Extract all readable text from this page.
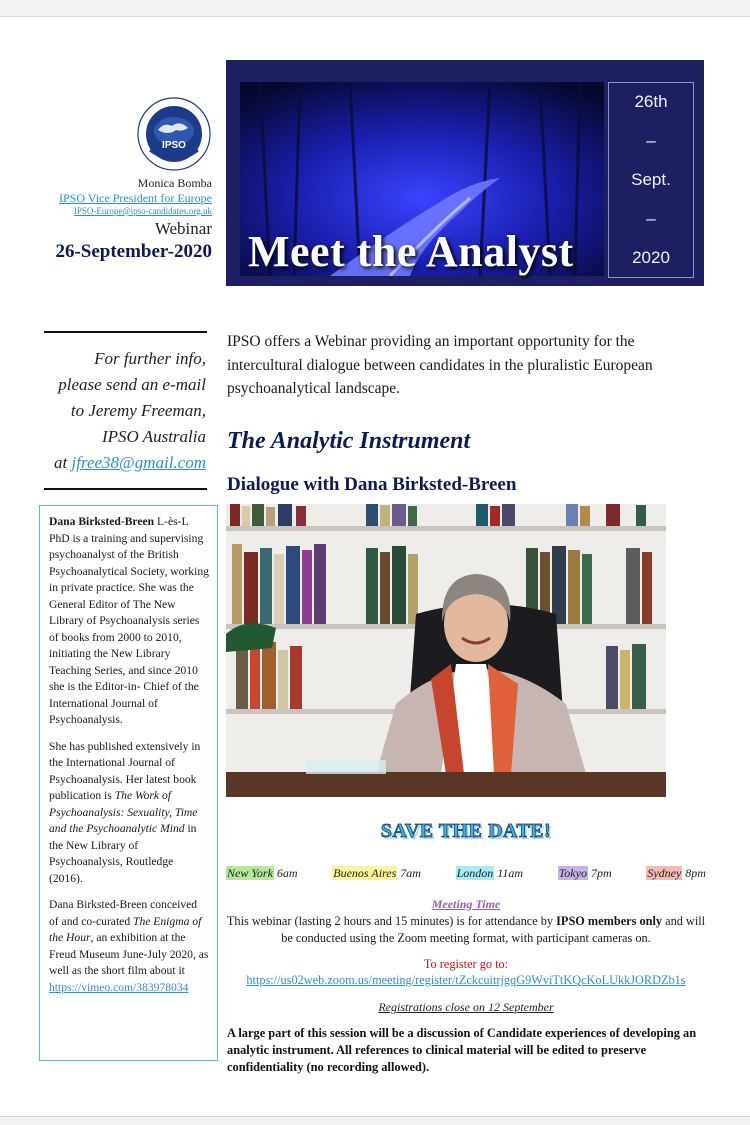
IPSO
Monica Bomba
IPSO Vice President for Europe
IPSO-Europe@ipso-candidates.org.uk
Webinar
26-September-2020 Meet the Analyst
26th
–
Sept.
–
2020
For further info,
please send an e-mail
to Jeremy Freeman,
IPSO Australia
at jfree38@gmail.com

Dana Birksted-Breen L-ès-L PhD is a training and supervising psychoanalyst of the British Psychoanalytical Society, working in private practice. She was the General Editor of The New Library of Psychoanalysis series of books from 2000 to 2010, initiating the New Library Teaching Series, and since 2010 she is the Editor-in- Chief of the International Journal of Psychoanalysis.

She has published extensively in the International Journal of Psychoanalysis. Her latest book publication is The Work of Psychoanalysis: Sexuality, Time and the Psychoanalytic Mind in the New Library of Psychoanalysis, Routledge (2016).

Dana Birksted-Breen conceived of and co-curated The Enigma of the Hour, an exhibition at the Freud Museum June-July 2020, as well as the short film about it https://vimeo.com/383978034

IPSO offers a Webinar providing an important opportunity for the intercultural dialogue between candidates in the pluralistic European psychoanalytical landscape.
The Analytic Instrument
Dialogue with Dana Birksted-Breen
SAVE THE DATE!
New York 6am	Buenos Aires 7am	London 11am	Tokyo 7pm	Sydney 8pm
Meeting Time
This webinar (lasting 2 hours and 15 minutes) is for attendance by IPSO members only and will be conducted using the Zoom meeting format, with participant cameras on.
To register go to:
https://us02web.zoom.us/meeting/register/tZckcuitrjgqG9WviTtKQcKoLUkkJORDZb1s
Registrations close on 12 September
A large part of this session will be a discussion of Candidate experiences of developing an analytic instrument. All references to clinical material will be edited to preserve confidentiality (no recording allowed).
